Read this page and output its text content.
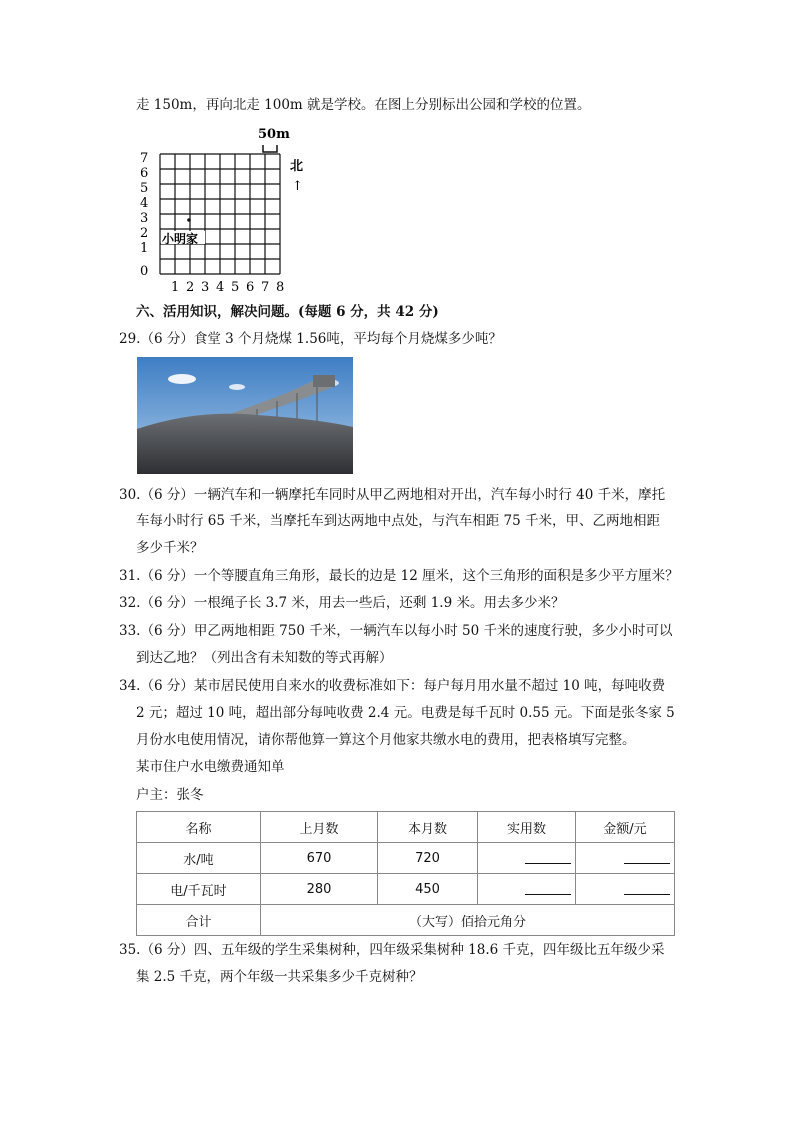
走 150m，再向北走 100m 就是学校。在图上分别标出公园和学校的位置。
50m
7
6
5
4
3
2
1
0
1 2 3 4 5 6 7 8
小明家
北
↑
六、活用知识，解决问题。(每题 6 分，共 42 分)
29.（6 分）食堂 3 个月烧煤 1.56吨，平均每个月烧煤多少吨？
30.（6 分）一辆汽车和一辆摩托车同时从甲乙两地相对开出，汽车每小时行 40 千米，摩托
车每小时行 65 千米，当摩托车到达两地中点处，与汽车相距 75 千米，甲、乙两地相距
多少千米？
31.（6 分）一个等腰直角三角形，最长的边是 12 厘米，这个三角形的面积是多少平方厘米？
32.（6 分）一根绳子长 3.7 米，用去一些后，还剩 1.9 米。用去多少米？
33.（6 分）甲乙两地相距 750 千米，一辆汽车以每小时 50 千米的速度行驶，多少小时可以
到达乙地？（列出含有未知数的等式再解）
34.（6 分）某市居民使用自来水的收费标准如下：每户每月用水量不超过 10 吨，每吨收费
2 元；超过 10 吨，超出部分每吨收费 2.4 元。电费是每千瓦时 0.55 元。下面是张冬家 5
月份水电使用情况，请你帮他算一算这个月他家共缴水电的费用，把表格填写完整。
某市住户水电缴费通知单
户主：张冬
名称	上月数	本月数	实用数	金额/元
水/吨	670	720		
电/千瓦时	280	450		
合计	（大写）佰拾元角分			
35.（6 分）四、五年级的学生采集树种，四年级采集树种 18.6 千克，四年级比五年级少采
集 2.5 千克，两个年级一共采集多少千克树种？
